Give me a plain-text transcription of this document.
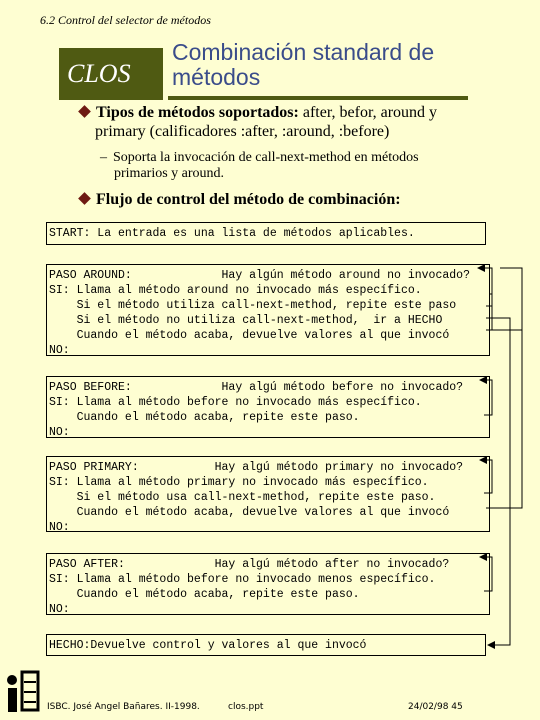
6.2 Control del selector de métodos
CLOS
Combinación standard de
métodos
Tipos de métodos soportados: after, befor, around y
primary (calificadores :after, :around, :before)
– Soporta la invocación de call-next-method en métodos
primarios y around.
Flujo de control del método de combinación:
START: La entrada es una lista de métodos aplicables.
PASO AROUND:             Hay algún método around no invocado?
SI: Llama al método around no invocado más específico.
Si el método utiliza call-next-method, repite este paso
Si el método no utiliza call-next-method,  ir a HECHO
Cuando el método acaba, devuelve valores al que invocó
NO:
PASO BEFORE:             Hay algú método before no invocado?
SI: Llama al método before no invocado más específico.
Cuando el método acaba, repite este paso.
NO:
PASO PRIMARY:           Hay algú método primary no invocado?
SI: Llama al método primary no invocado más específico.
Si el método usa call-next-method, repite este paso.
Cuando el método acaba, devuelve valores al que invocó
NO:
PASO AFTER:             Hay algú método after no invocado?
SI: Llama al método before no invocado menos específico.
Cuando el método acaba, repite este paso.
NO:
HECHO:Devuelve control y valores al que invocó
ISBC. José Angel Bañares. II-1998.	clos.ppt	24/02/98 45
